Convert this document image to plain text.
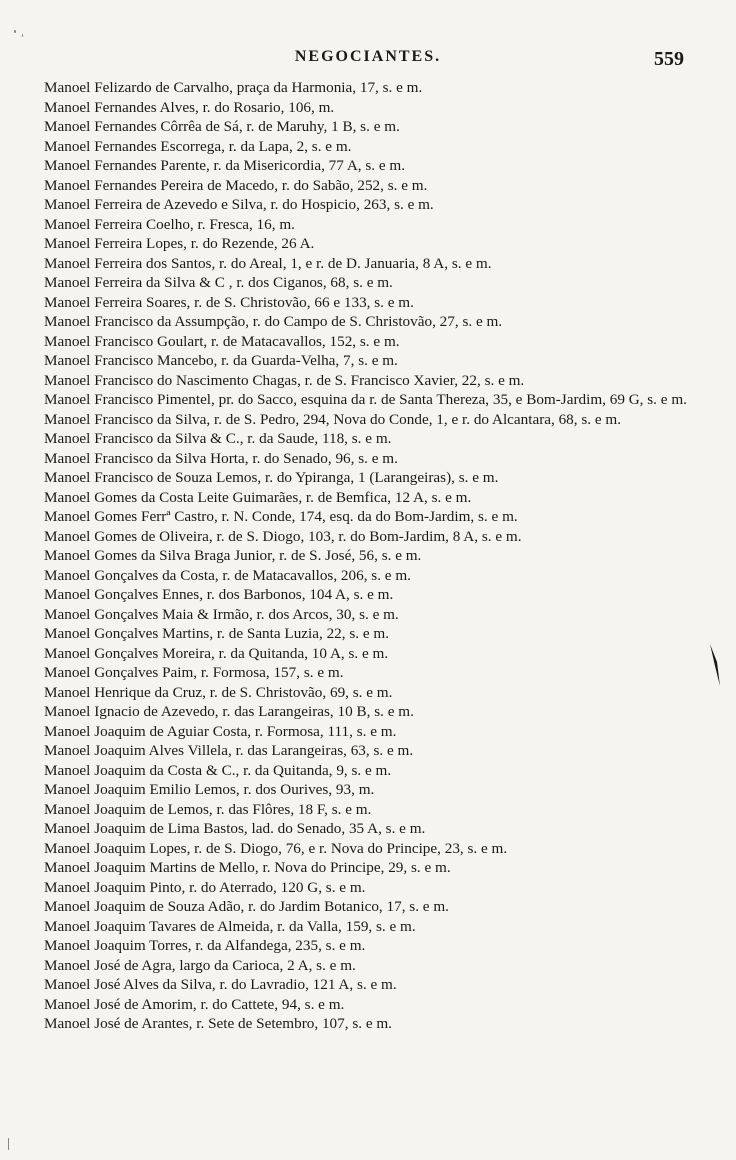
NEGOCIANTES.	559
Manoel Felizardo de Carvalho, praça da Harmonia, 17, s. e m.
Manoel Fernandes Alves, r. do Rosario, 106, m.
Manoel Fernandes Côrrêa de Sá, r. de Maruhy, 1 B, s. e m.
Manoel Fernandes Escorrega, r. da Lapa, 2, s. e m.
Manoel Fernandes Parente, r. da Misericordia, 77 A, s. e m.
Manoel Fernandes Pereira de Macedo, r. do Sabão, 252, s. e m.
Manoel Ferreira de Azevedo e Silva, r. do Hospicio, 263, s. e m.
Manoel Ferreira Coelho, r. Fresca, 16, m.
Manoel Ferreira Lopes, r. do Rezende, 26 A.
Manoel Ferreira dos Santos, r. do Areal, 1, e r. de D. Januaria, 8 A, s. e m.
Manoel Ferreira da Silva & C , r. dos Ciganos, 68, s. e m.
Manoel Ferreira Soares, r. de S. Christovão, 66 e 133, s. e m.
Manoel Francisco da Assumpção, r. do Campo de S. Christovão, 27, s. e m.
Manoel Francisco Goulart, r. de Matacavallos, 152, s. e m.
Manoel Francisco Mancebo, r. da Guarda-Velha, 7, s. e m.
Manoel Francisco do Nascimento Chagas, r. de S. Francisco Xavier, 22, s. e m.
Manoel Francisco Pimentel, pr. do Sacco, esquina da r. de Santa Thereza, 35, e Bom-Jardim, 69 G, s. e m.
Manoel Francisco da Silva, r. de S. Pedro, 294, Nova do Conde, 1, e r. do Alcantara, 68, s. e m.
Manoel Francisco da Silva & C., r. da Saude, 118, s. e m.
Manoel Francisco da Silva Horta, r. do Senado, 96, s. e m.
Manoel Francisco de Souza Lemos, r. do Ypiranga, 1 (Larangeiras), s. e m.
Manoel Gomes da Costa Leite Guimarães, r. de Bemfica, 12 A, s. e m.
Manoel Gomes Ferrª Castro, r. N. Conde, 174, esq. da do Bom-Jardim, s. e m.
Manoel Gomes de Oliveira, r. de S. Diogo, 103, r. do Bom-Jardim, 8 A, s. e m.
Manoel Gomes da Silva Braga Junior, r. de S. José, 56, s. e m.
Manoel Gonçalves da Costa, r. de Matacavallos, 206, s. e m.
Manoel Gonçalves Ennes, r. dos Barbonos, 104 A, s. e m.
Manoel Gonçalves Maia & Irmão, r. dos Arcos, 30, s. e m.
Manoel Gonçalves Martins, r. de Santa Luzia, 22, s. e m.
Manoel Gonçalves Moreira, r. da Quitanda, 10 A, s. e m.
Manoel Gonçalves Paim, r. Formosa, 157, s. e m.
Manoel Henrique da Cruz, r. de S. Christovão, 69, s. e m.
Manoel Ignacio de Azevedo, r. das Larangeiras, 10 B, s. e m.
Manoel Joaquim de Aguiar Costa, r. Formosa, 111, s. e m.
Manoel Joaquim Alves Villela, r. das Larangeiras, 63, s. e m.
Manoel Joaquim da Costa & C., r. da Quitanda, 9, s. e m.
Manoel Joaquim Emilio Lemos, r. dos Ourives, 93, m.
Manoel Joaquim de Lemos, r. das Flôres, 18 F, s. e m.
Manoel Joaquim de Lima Bastos, lad. do Senado, 35 A, s. e m.
Manoel Joaquim Lopes, r. de S. Diogo, 76, e r. Nova do Principe, 23, s. e m.
Manoel Joaquim Martins de Mello, r. Nova do Principe, 29, s. e m.
Manoel Joaquim Pinto, r. do Aterrado, 120 G, s. e m.
Manoel Joaquim de Souza Adão, r. do Jardim Botanico, 17, s. e m.
Manoel Joaquim Tavares de Almeida, r. da Valla, 159, s. e m.
Manoel Joaquim Torres, r. da Alfandega, 235, s. e m.
Manoel José de Agra, largo da Carioca, 2 A, s. e m.
Manoel José Alves da Silva, r. do Lavradio, 121 A, s. e m.
Manoel José de Amorim, r. do Cattete, 94, s. e m.
Manoel José de Arantes, r. Sete de Setembro, 107, s. e m.
